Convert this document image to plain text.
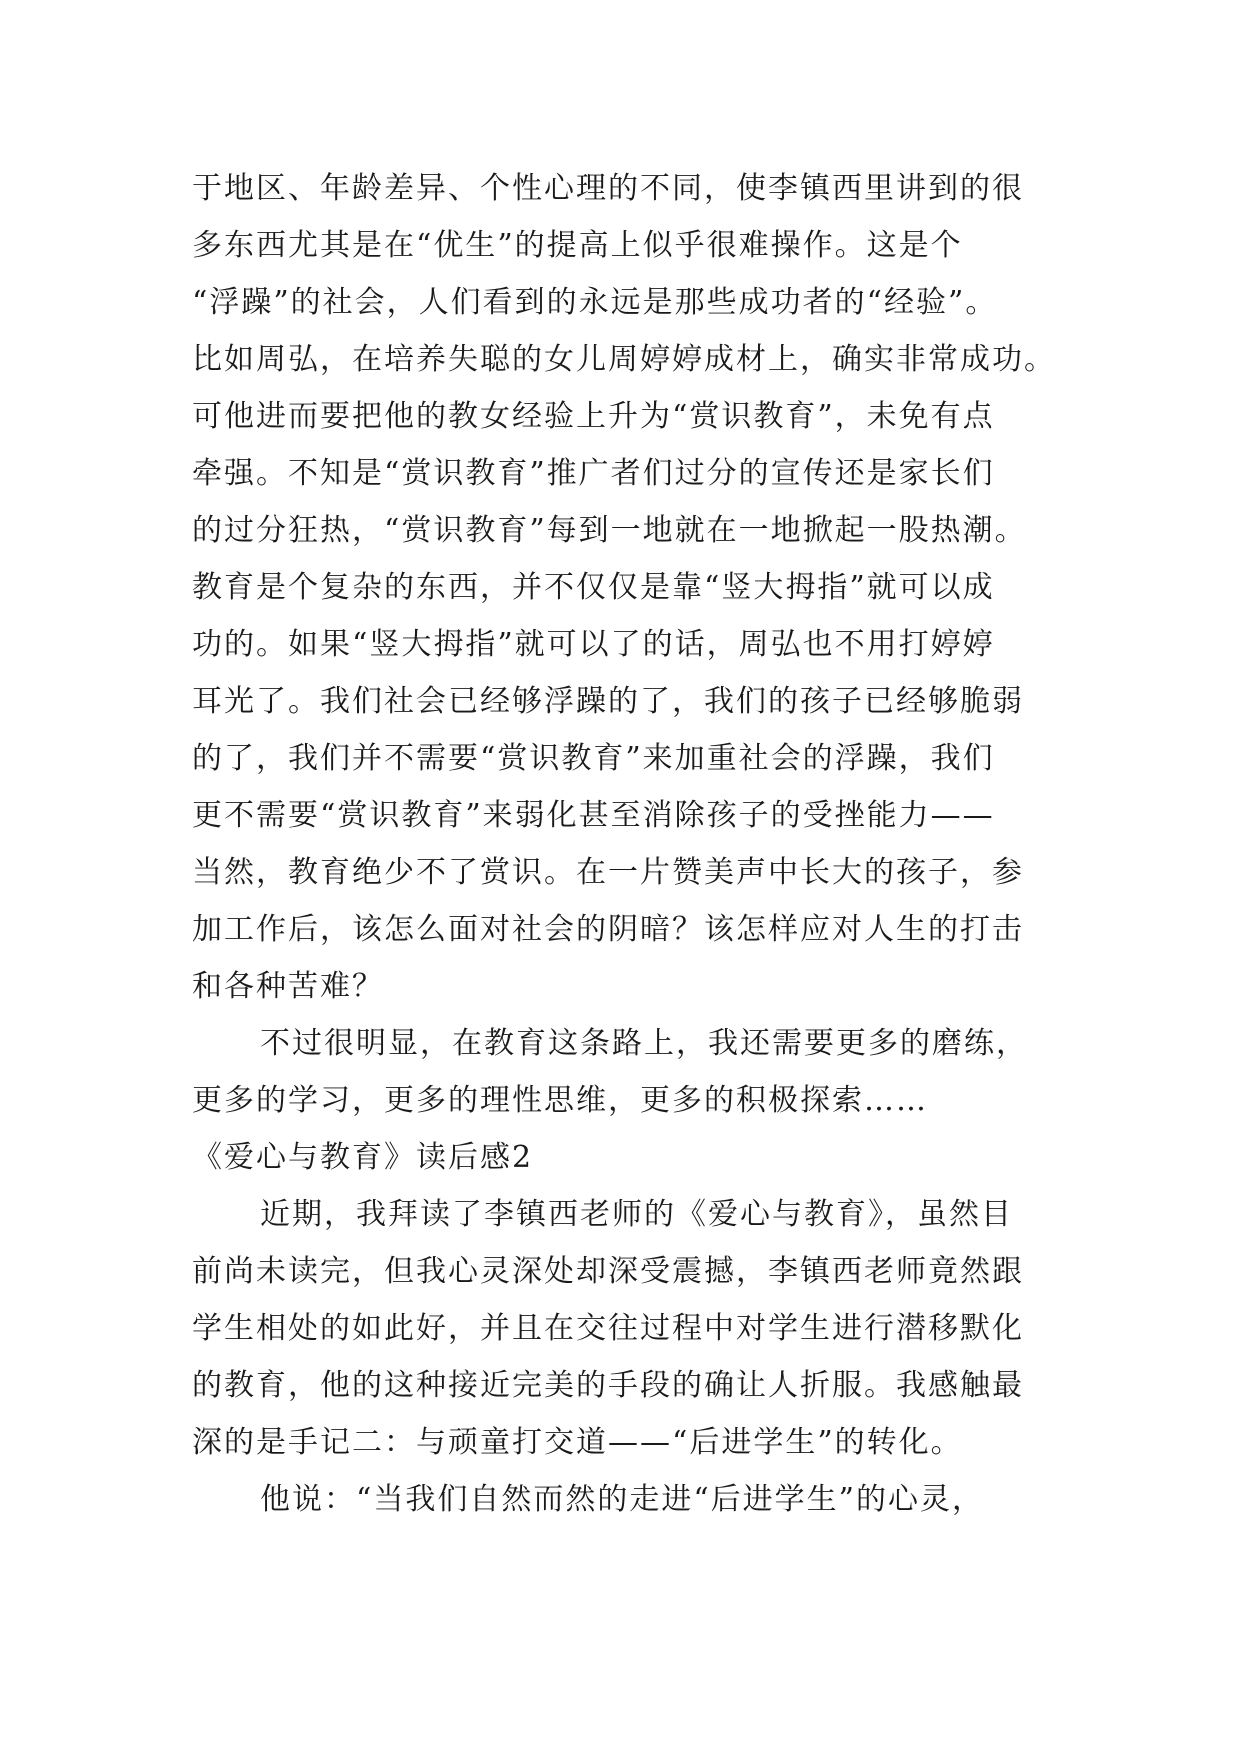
于地区、年龄差异、个性心理的不同，使李镇西里讲到的很
多东西尤其是在“优生”的提高上似乎很难操作。这是个
“浮躁”的社会，人们看到的永远是那些成功者的“经验”。
比如周弘，在培养失聪的女儿周婷婷成材上，确实非常成功。
可他进而要把他的教女经验上升为“赏识教育”，未免有点
牵强。不知是“赏识教育”推广者们过分的宣传还是家长们
的过分狂热，“赏识教育”每到一地就在一地掀起一股热潮。
教育是个复杂的东西，并不仅仅是靠“竖大拇指”就可以成
功的。如果“竖大拇指”就可以了的话，周弘也不用打婷婷
耳光了。我们社会已经够浮躁的了，我们的孩子已经够脆弱
的了，我们并不需要“赏识教育”来加重社会的浮躁，我们
更不需要“赏识教育”来弱化甚至消除孩子的受挫能力——
当然，教育绝少不了赏识。在一片赞美声中长大的孩子，参
加工作后，该怎么面对社会的阴暗？该怎样应对人生的打击
和各种苦难？
不过很明显，在教育这条路上，我还需要更多的磨练，
更多的学习，更多的理性思维，更多的积极探索……
《爱心与教育》读后感2
近期，我拜读了李镇西老师的《爱心与教育》，虽然目
前尚未读完，但我心灵深处却深受震撼，李镇西老师竟然跟
学生相处的如此好，并且在交往过程中对学生进行潜移默化
的教育，他的这种接近完美的手段的确让人折服。我感触最
深的是手记二：与顽童打交道——“后进学生”的转化。
他说：“当我们自然而然的走进“后进学生”的心灵，
